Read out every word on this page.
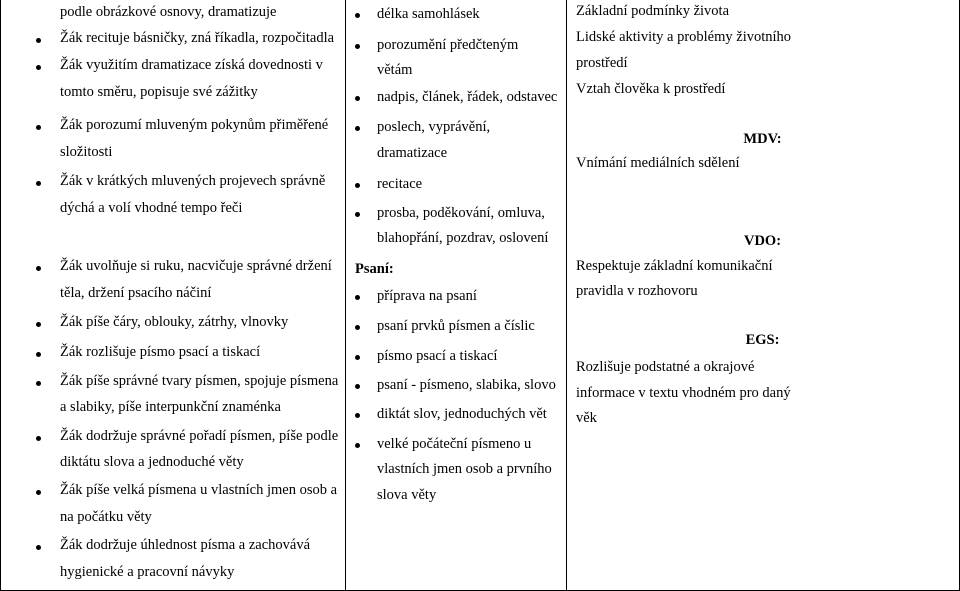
podle obrázkové osnovy, dramatizuje
Žák recituje básničky, zná říkadla, rozpočitadla
Žák využitím dramatizace získá dovednosti v
tomto směru, popisuje své zážitky
Žák porozumí mluveným pokynům přiměřené
složitosti
Žák v krátkých mluvených projevech správně
dýchá a volí vhodné tempo řeči
Žák uvolňuje si ruku, nacvičuje správné držení
těla, držení psacího náčiní
Žák píše čáry, oblouky, zátrhy, vlnovky
Žák rozlišuje písmo psací a tiskací
Žák píše správné tvary písmen, spojuje písmena
a slabiky, píše interpunkční znaménka
Žák dodržuje správné pořadí písmen, píše podle
diktátu slova a jednoduché věty
Žák píše velká písmena u vlastních jmen osob a
na počátku věty
Žák dodržuje úhlednost písma a zachovává
hygienické a pracovní návyky
délka samohlásek
porozumění předčteným
větám
nadpis, článek, řádek, odstavec
poslech, vyprávění,
dramatizace
recitace
prosba, poděkování, omluva,
blahopřání, pozdrav, oslovení
Psaní:
příprava na psaní
psaní prvků písmen a číslic
písmo psací a tiskací
psaní - písmeno, slabika, slovo
diktát slov, jednoduchých vět
velké počáteční písmeno u
vlastních jmen osob a prvního
slova věty
Základní podmínky života
Lidské aktivity a problémy životního
prostředí
Vztah člověka k prostředí
MDV:
Vnímání mediálních sdělení
VDO:
Respektuje základní komunikační
pravidla v rozhovoru
EGS:
Rozlišuje podstatné a okrajové
informace v textu vhodném pro daný
věk
